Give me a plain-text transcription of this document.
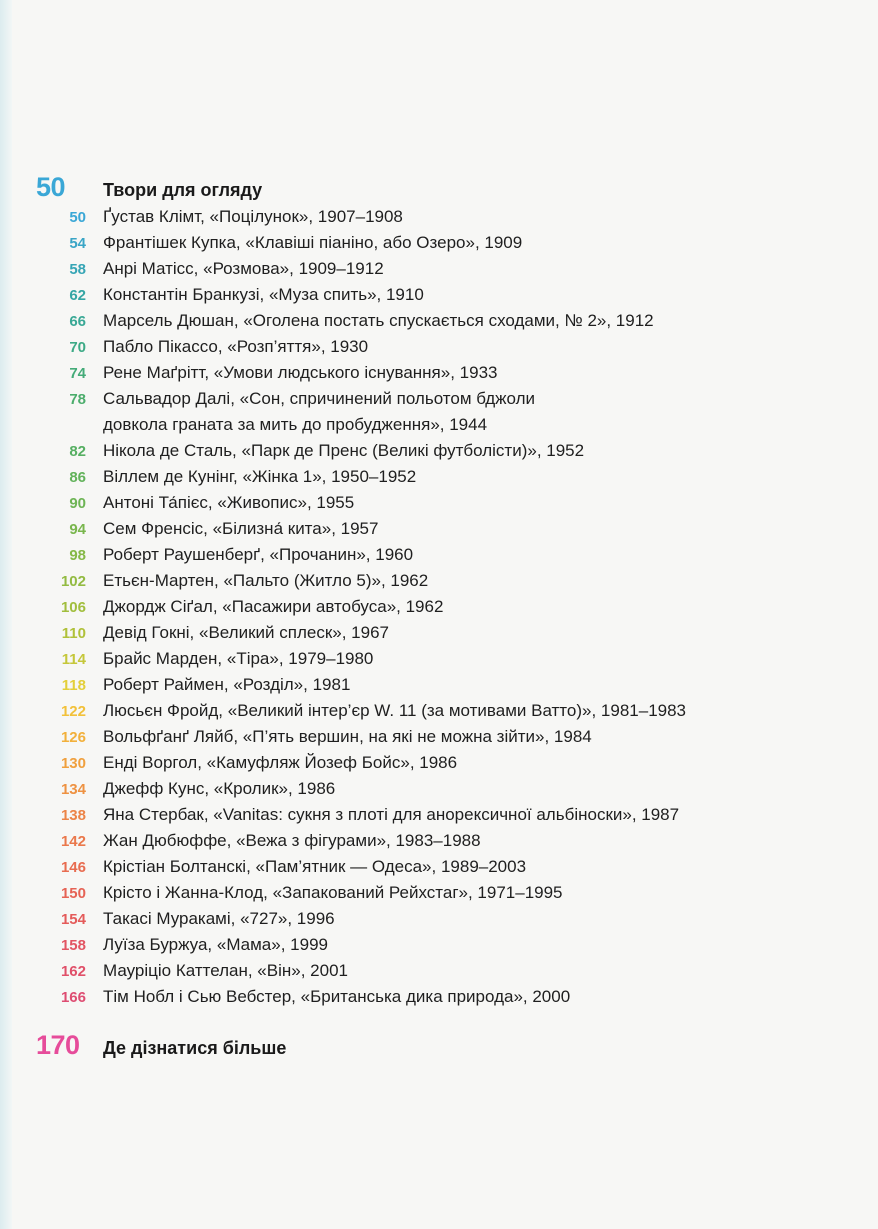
50	Твори для огляду
50 Ґустав Клімт, «Поцілунок», 1907–1908
54 Франтішек Купка, «Клавіші піаніно, або Озеро», 1909
58 Анрі Матісс, «Розмова», 1909–1912
62 Константін Бранкузі, «Муза спить», 1910
66 Марсель Дюшан, «Оголена постать спускається сходами, № 2», 1912
70 Пабло Пікассо, «Розп’яття», 1930
74 Рене Маґрітт, «Умови людського існування», 1933
78 Сальвадор Далі, «Сон, спричинений польотом бджоли
довкола граната за мить до пробудження», 1944
82 Нікола де Сталь, «Парк де Пренс (Великі футболісти)», 1952
86 Віллем де Кунінг, «Жінка 1», 1950–1952
90 Антоні Та́пієс, «Живопис», 1955
94 Сем Френсіс, «Білизна́ кита», 1957
98 Роберт Раушенберґ, «Прочанин», 1960
102 Етьєн-Мартен, «Пальто (Житло 5)», 1962
106 Джордж Сіґал, «Пасажири автобуса», 1962
110 Девід Гокні, «Великий сплеск», 1967
114 Брайс Марден, «Тіра», 1979–1980
118 Роберт Раймен, «Розділ», 1981
122 Люсьєн Фройд, «Великий інтер’єр W. 11 (за мотивами Ватто)», 1981–1983
126 Вольфґанґ Ляйб, «П’ять вершин, на які не можна зійти», 1984
130 Енді Воргол, «Камуфляж Йозеф Бойс», 1986
134 Джефф Кунс, «Кролик», 1986
138 Яна Стербак, «Vanitas: сукня з плоті для анорексичної альбіноски», 1987
142 Жан Дюбюффе, «Вежа з фігурами», 1983–1988
146 Крістіан Болтанскі, «Пам’ятник — Одеса», 1989–2003
150 Крісто і Жанна-Клод, «Запакований Рейхстаг», 1971–1995
154 Такасі Муракамі, «727», 1996
158 Луїза Буржуа, «Мама», 1999
162 Мауріціо Каттелан, «Він», 2001
166 Тім Нобл і Сью Вебстер, «Британська дика природа», 2000
170	Де дізнатися більше
